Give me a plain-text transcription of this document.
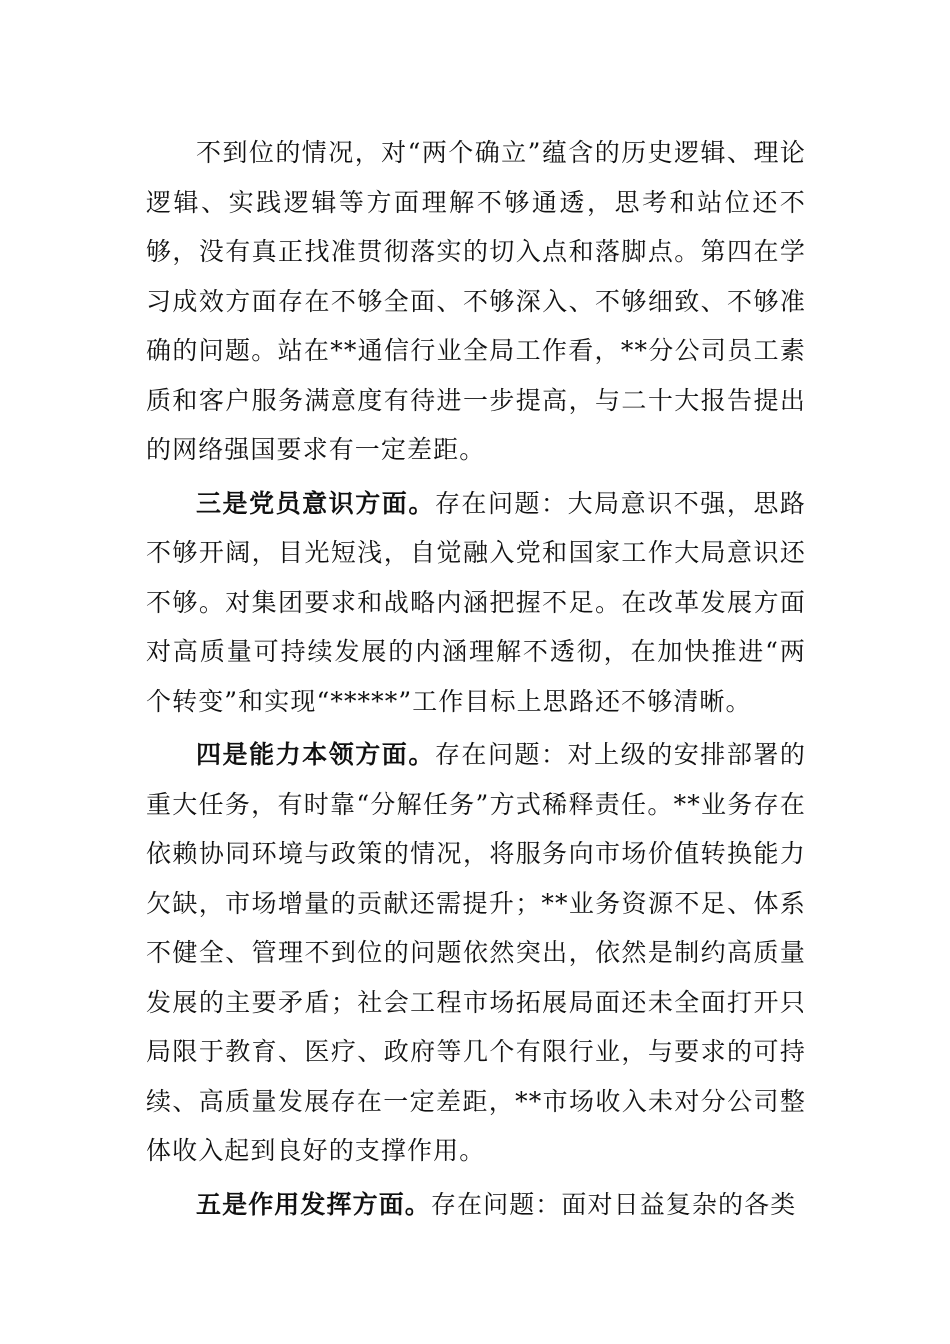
不到位的情况，对“两个确立”蕴含的历史逻辑、理论逻辑、实践逻辑等方面理解不够通透，思考和站位还不够，没有真正找准贯彻落实的切入点和落脚点。第四在学习成效方面存在不够全面、不够深入、不够细致、不够准确的问题。站在**通信行业全局工作看，**分公司员工素质和客户服务满意度有待进一步提高，与二十大报告提出的网络强国要求有一定差距。

三是党员意识方面。存在问题：大局意识不强，思路不够开阔，目光短浅，自觉融入党和国家工作大局意识还不够。对集团要求和战略内涵把握不足。在改革发展方面对高质量可持续发展的内涵理解不透彻，在加快推进“两个转变”和实现“*****”工作目标上思路还不够清晰。

四是能力本领方面。存在问题：对上级的安排部署的重大任务，有时靠“分解任务”方式稀释责任。**业务存在依赖协同环境与政策的情况，将服务向市场价值转换能力欠缺，市场增量的贡献还需提升；**业务资源不足、体系不健全、管理不到位的问题依然突出，依然是制约高质量发展的主要矛盾；社会工程市场拓展局面还未全面打开只局限于教育、医疗、政府等几个有限行业，与要求的可持续、高质量发展存在一定差距，**市场收入未对分公司整体收入起到良好的支撑作用。

五是作用发挥方面。存在问题：面对日益复杂的各类
